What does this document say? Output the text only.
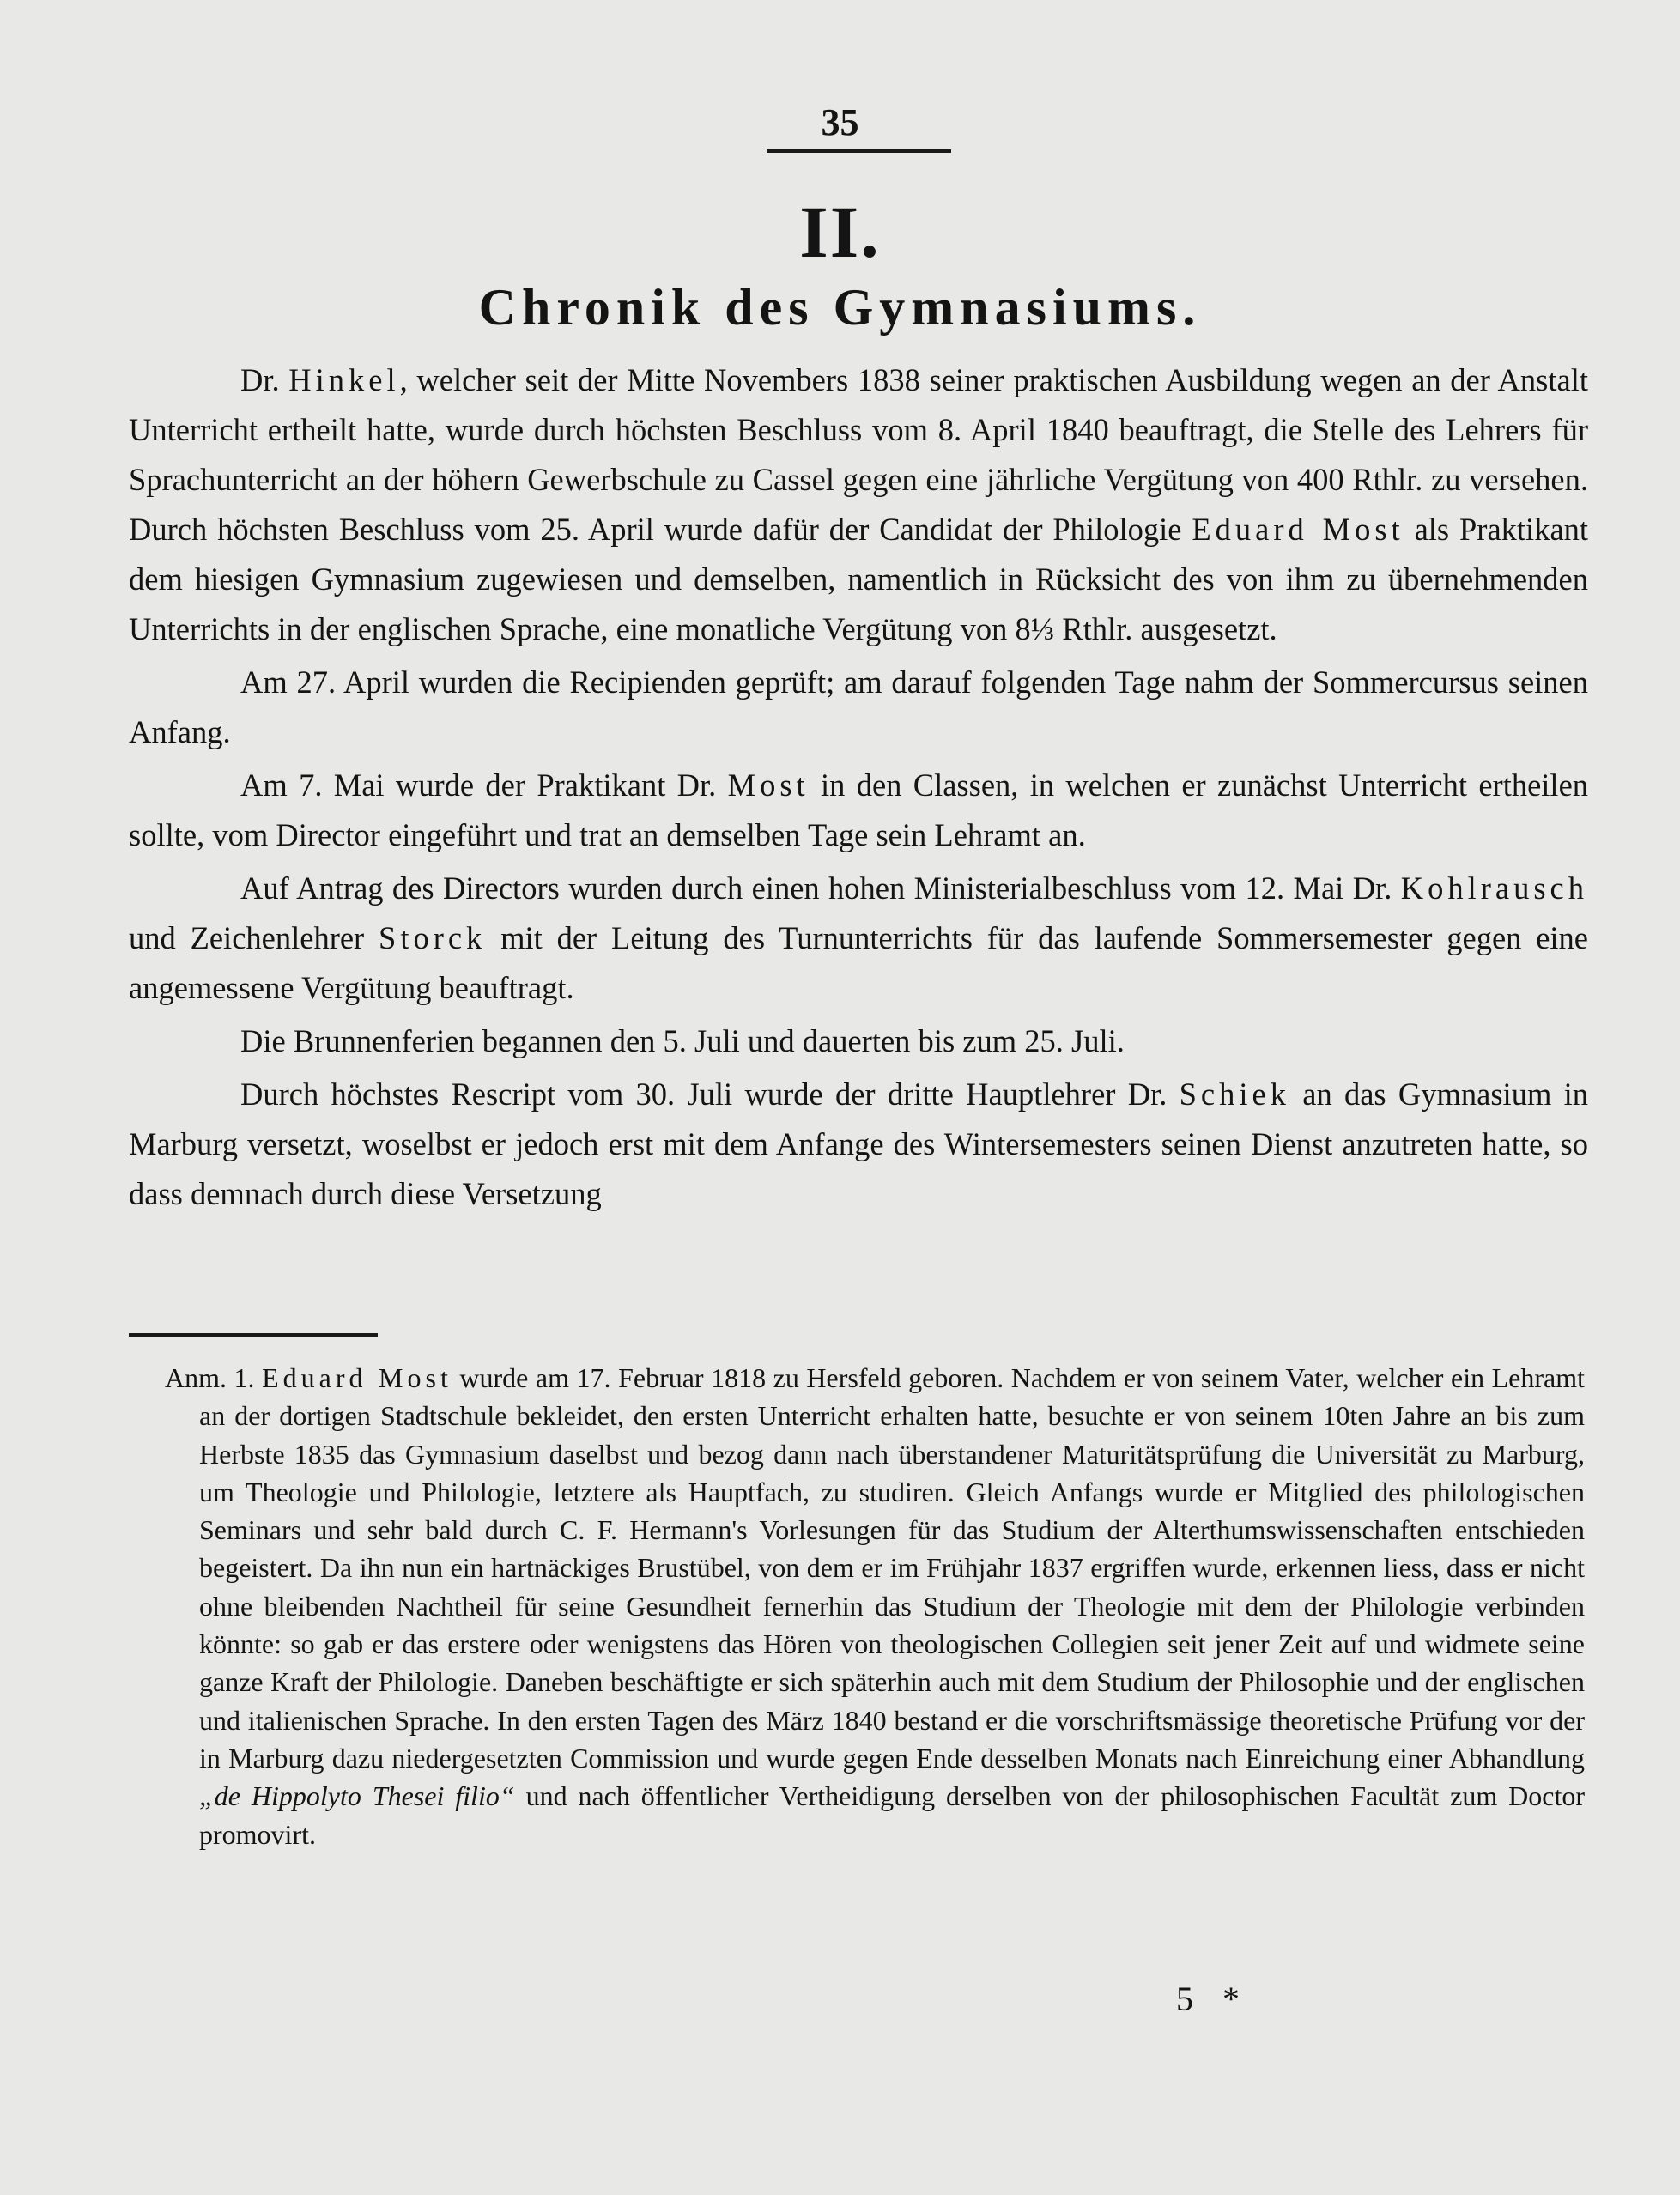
35
II.
Chronik des Gymnasiums.

Dr. Hinkel, welcher seit der Mitte Novembers 1838 seiner praktischen Ausbildung wegen an der Anstalt Unterricht ertheilt hatte, wurde durch höchsten Beschluss vom 8. April 1840 beauftragt, die Stelle des Lehrers für Sprachunterricht an der höhern Gewerbschule zu Cassel gegen eine jährliche Vergütung von 400 Rthlr. zu versehen. Durch höchsten Beschluss vom 25. April wurde dafür der Candidat der Philologie Eduard Most als Praktikant dem hiesigen Gymnasium zugewiesen und demselben, namentlich in Rücksicht des von ihm zu übernehmenden Unterrichts in der englischen Sprache, eine monatliche Vergütung von 8⅓ Rthlr. ausgesetzt.

Am 27. April wurden die Recipienden geprüft; am darauf folgenden Tage nahm der Sommercursus seinen Anfang.

Am 7. Mai wurde der Praktikant Dr. Most in den Classen, in welchen er zunächst Unterricht ertheilen sollte, vom Director eingeführt und trat an demselben Tage sein Lehramt an.

Auf Antrag des Directors wurden durch einen hohen Ministerialbeschluss vom 12. Mai Dr. Kohlrausch und Zeichenlehrer Storck mit der Leitung des Turnunterrichts für das laufende Sommersemester gegen eine angemessene Vergütung beauftragt.

Die Brunnenferien begannen den 5. Juli und dauerten bis zum 25. Juli.

Durch höchstes Rescript vom 30. Juli wurde der dritte Hauptlehrer Dr. Schiek an das Gymnasium in Marburg versetzt, woselbst er jedoch erst mit dem Anfange des Wintersemesters seinen Dienst anzutreten hatte, so dass demnach durch diese Versetzung

Anm. 1. Eduard Most wurde am 17. Februar 1818 zu Hersfeld geboren. Nachdem er von seinem Vater, welcher ein Lehramt an der dortigen Stadtschule bekleidet, den ersten Unterricht erhalten hatte, besuchte er von seinem 10ten Jahre an bis zum Herbste 1835 das Gymnasium daselbst und bezog dann nach überstandener Maturitätsprüfung die Universität zu Marburg, um Theologie und Philologie, letztere als Hauptfach, zu studiren. Gleich Anfangs wurde er Mitglied des philologischen Seminars und sehr bald durch C. F. Hermann's Vorlesungen für das Studium der Alterthumswissenschaften entschieden begeistert. Da ihn nun ein hartnäckiges Brustübel, von dem er im Frühjahr 1837 ergriffen wurde, erkennen liess, dass er nicht ohne bleibenden Nachtheil für seine Gesundheit fernerhin das Studium der Theologie mit dem der Philologie verbinden könnte: so gab er das erstere oder wenigstens das Hören von theologischen Collegien seit jener Zeit auf und widmete seine ganze Kraft der Philologie. Daneben beschäftigte er sich späterhin auch mit dem Studium der Philosophie und der englischen und italienischen Sprache. In den ersten Tagen des März 1840 bestand er die vorschriftsmässige theoretische Prüfung vor der in Marburg dazu niedergesetzten Commission und wurde gegen Ende desselben Monats nach Einreichung einer Abhandlung „de Hippolyto Thesei filio“ und nach öffentlicher Vertheidigung derselben von der philosophischen Facultät zum Doctor promovirt.
5 *
